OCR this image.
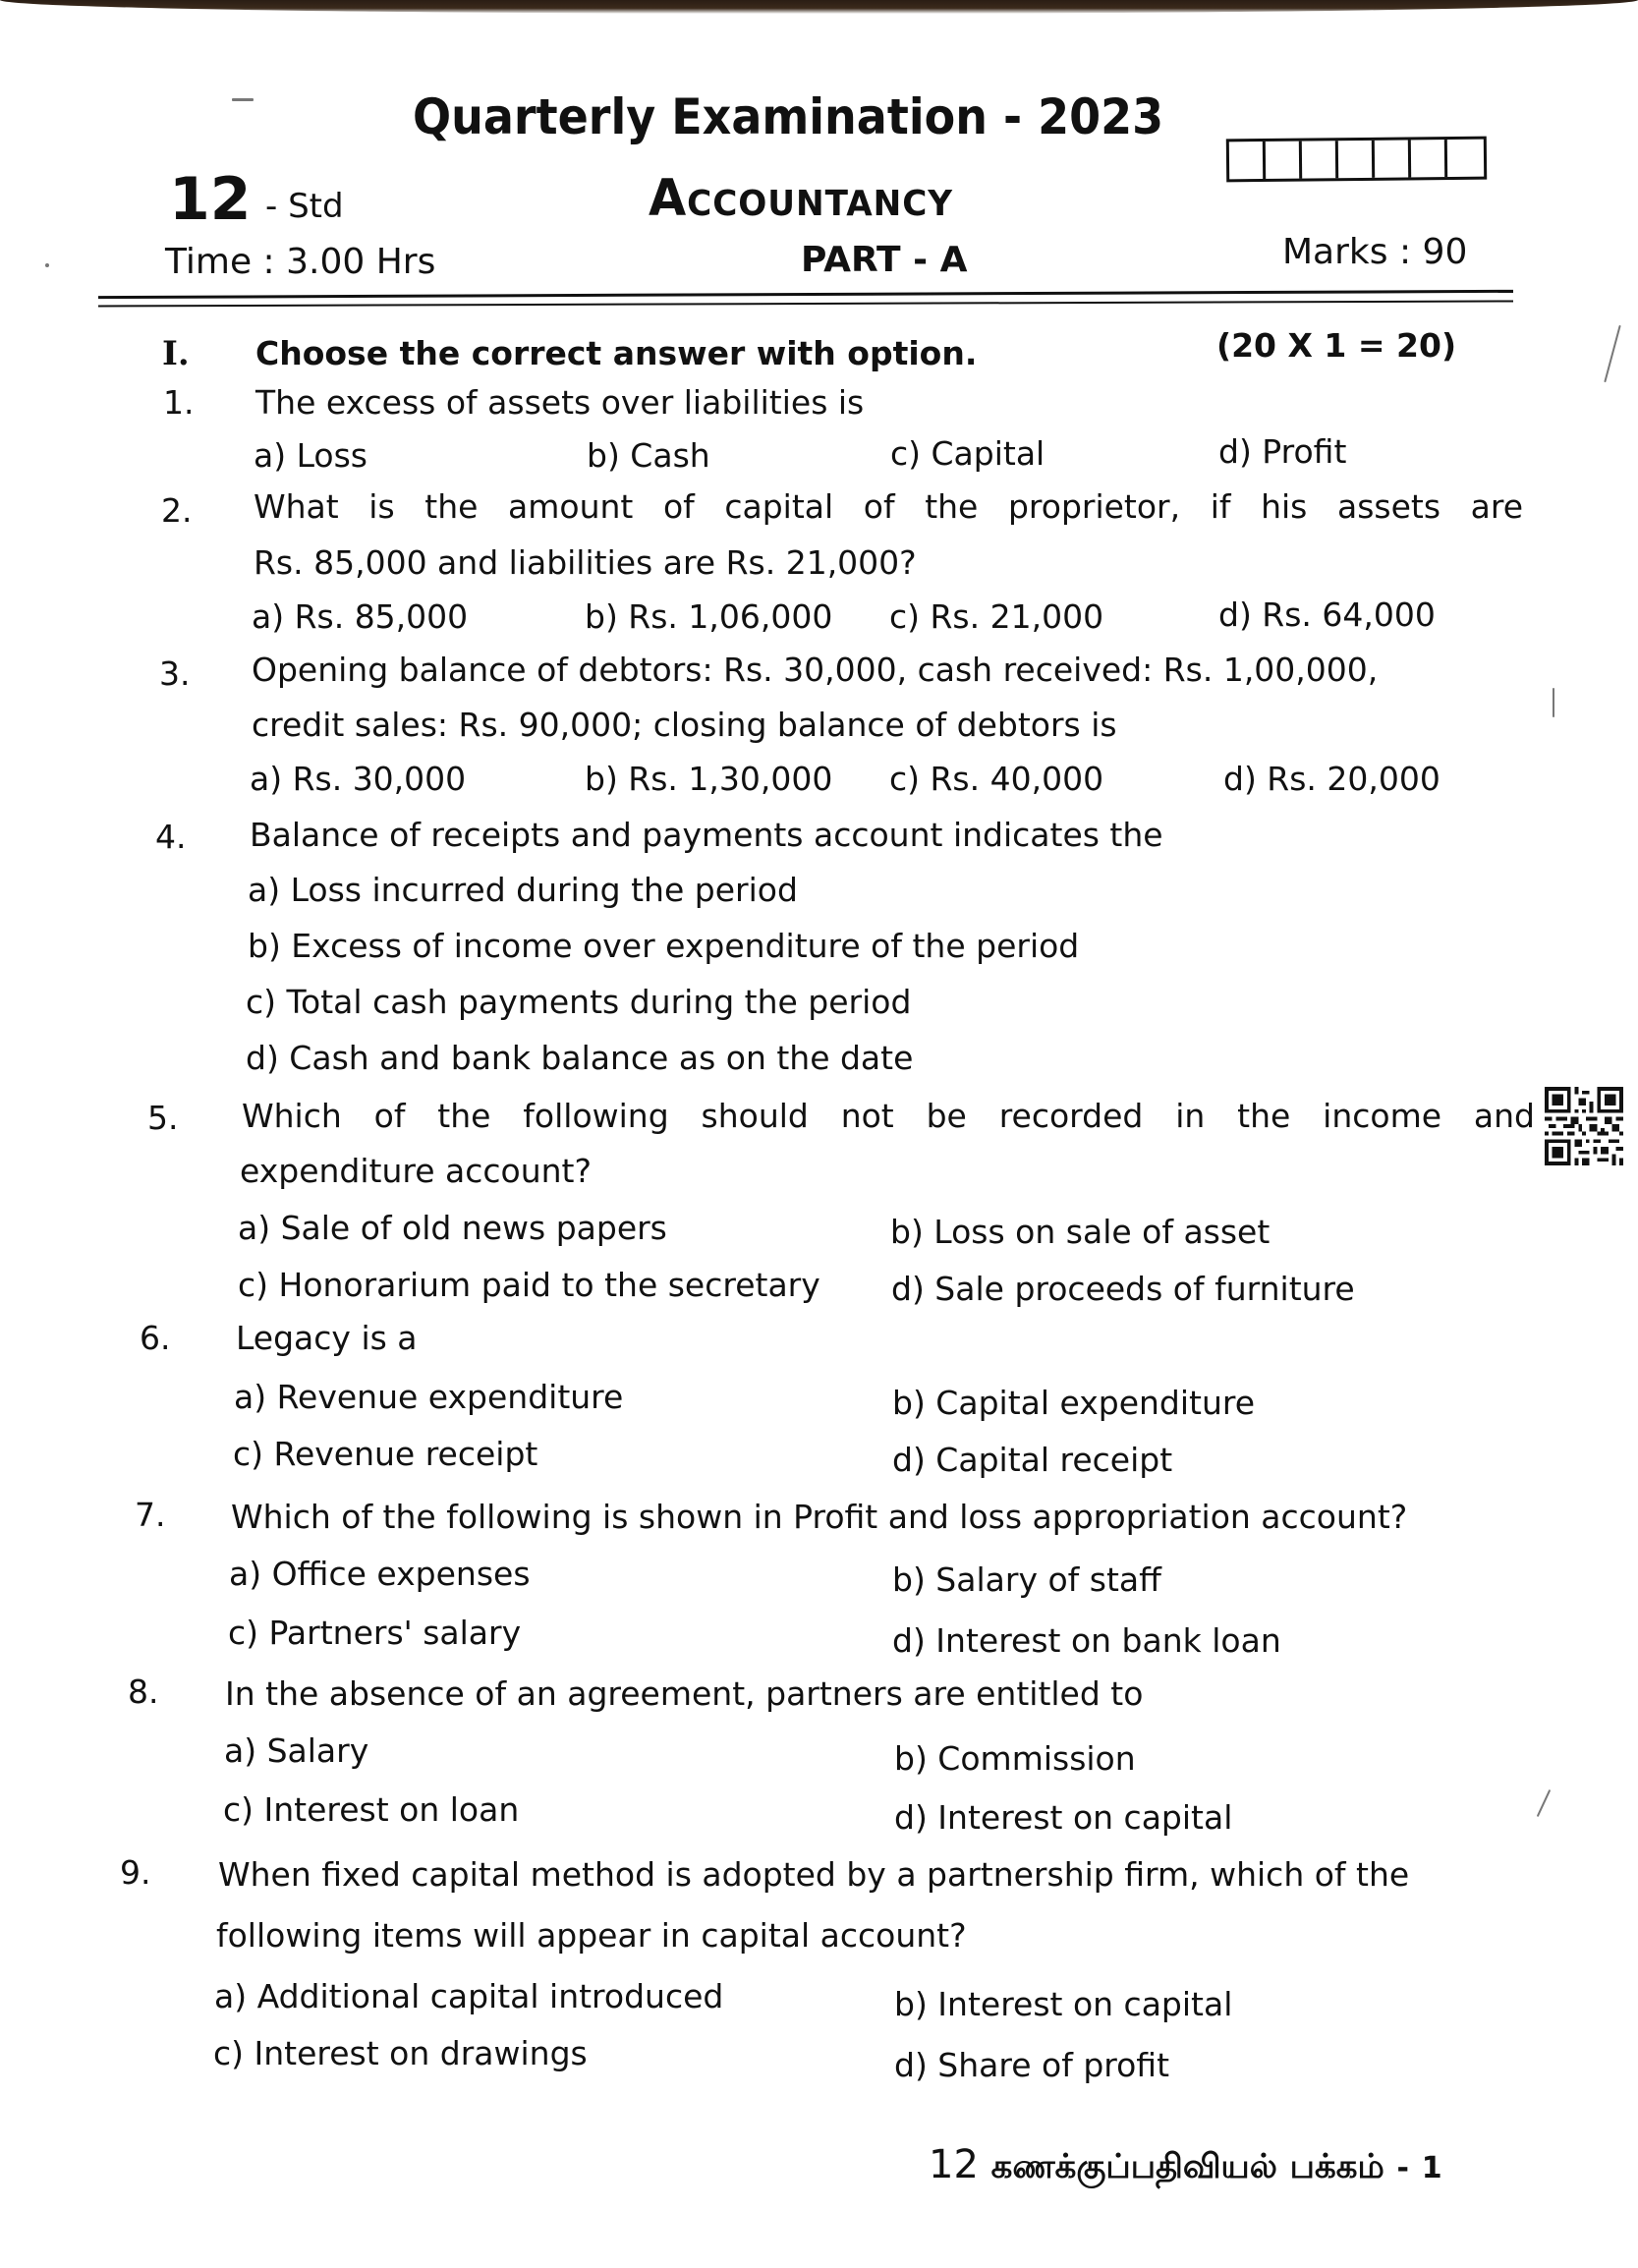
Quarterly Examination - 2023
12 - Std	Accountancy
Time : 3.00 Hrs	PART - A	Marks : 90
I. Choose the correct answer with option.	(20 X 1 = 20)
1. The excess of assets over liabilities is
a) Loss	b) Cash	c) Capital	d) Profit
2. What is the amount of capital of the proprietor, if his assets are
Rs. 85,000 and liabilities are Rs. 21,000?
a) Rs. 85,000	b) Rs. 1,06,000 c) Rs. 21,000	d) Rs. 64,000
3. Opening balance of debtors: Rs. 30,000, cash received: Rs. 1,00,000,
credit sales: Rs. 90,000; closing balance of debtors is
a) Rs. 30,000	b) Rs. 1,30,000 c) Rs. 40,000	d) Rs. 20,000
4. Balance of receipts and payments account indicates the
a) Loss incurred during the period
b) Excess of income over expenditure of the period
c) Total cash payments during the period
d) Cash and bank balance as on the date
5. Which of the following should not be recorded in the income and
expenditure account?
a) Sale of old news papers	b) Loss on sale of asset
c) Honorarium paid to the secretary d) Sale proceeds of furniture
6. Legacy is a
a) Revenue expenditure	b) Capital expenditure
c) Revenue receipt	d) Capital receipt
7. Which of the following is shown in Profit and loss appropriation account?
a) Office expenses	b) Salary of staff
c) Partners' salary	d) Interest on bank loan
8. In the absence of an agreement, partners are entitled to
a) Salary	b) Commission
c) Interest on loan	d) Interest on capital
9. When fixed capital method is adopted by a partnership firm, which of the
following items will appear in capital account?
a) Additional capital introduced	b) Interest on capital
c) Interest on drawings	d) Share of profit
12 கணக்குப்பதிவியல் பக்கம் - 1
